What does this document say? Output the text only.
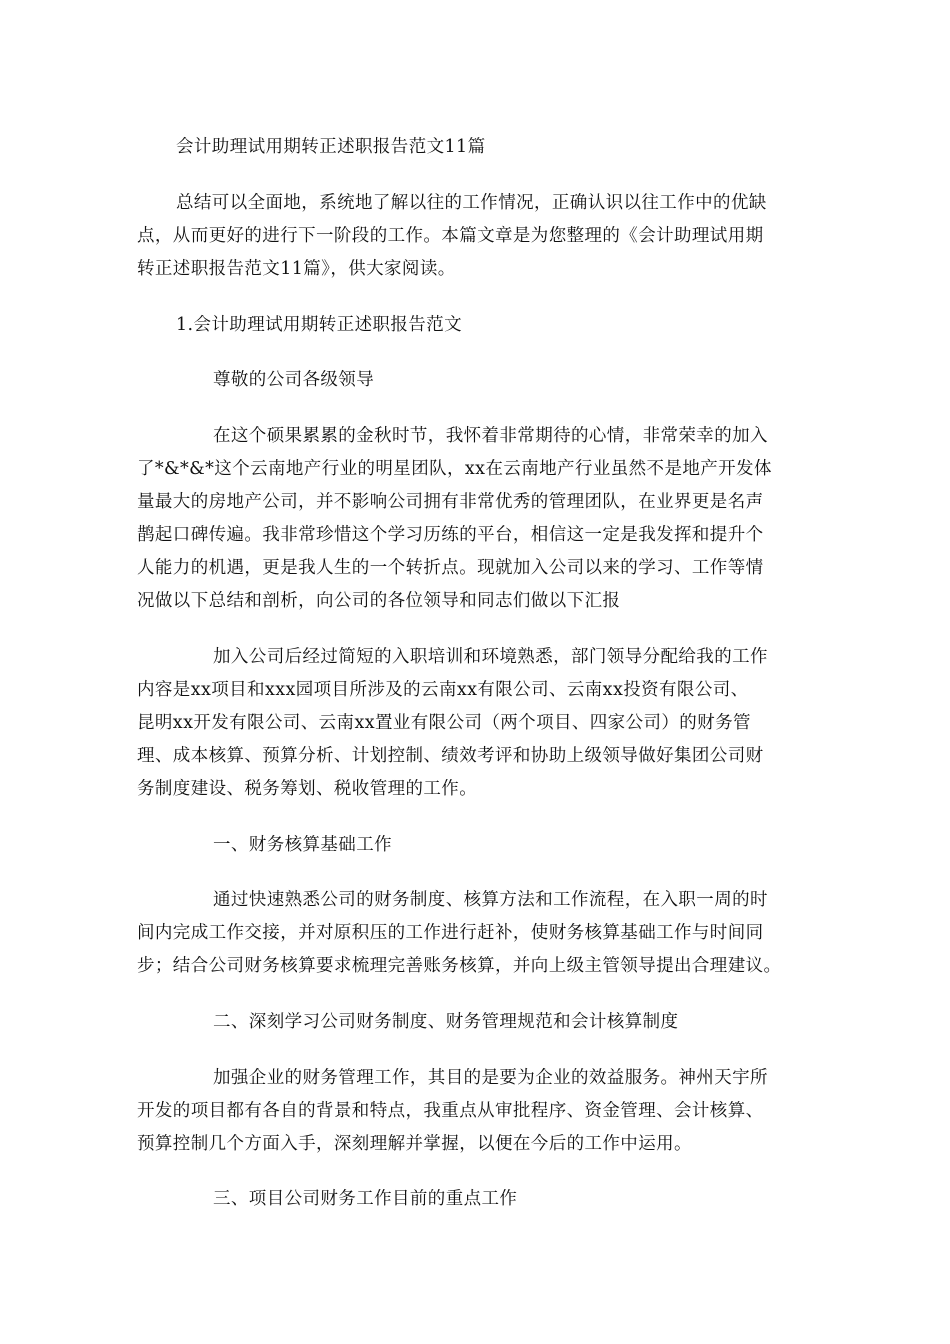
会计助理试用期转正述职报告范文11篇
总结可以全面地，系统地了解以往的工作情况，正确认识以往工作中的优缺
点，从而更好的进行下一阶段的工作。本篇文章是为您整理的《会计助理试用期
转正述职报告范文11篇》，供大家阅读。
1.会计助理试用期转正述职报告范文
尊敬的公司各级领导
在这个硕果累累的金秋时节，我怀着非常期待的心情，非常荣幸的加入
了*&*&*这个云南地产行业的明星团队，xx在云南地产行业虽然不是地产开发体
量最大的房地产公司，并不影响公司拥有非常优秀的管理团队，在业界更是名声
鹊起口碑传遍。我非常珍惜这个学习历练的平台，相信这一定是我发挥和提升个
人能力的机遇，更是我人生的一个转折点。现就加入公司以来的学习、工作等情
况做以下总结和剖析，向公司的各位领导和同志们做以下汇报
加入公司后经过简短的入职培训和环境熟悉，部门领导分配给我的工作
内容是xx项目和xxx园项目所涉及的云南xx有限公司、云南xx投资有限公司、
昆明xx开发有限公司、云南xx置业有限公司（两个项目、四家公司）的财务管
理、成本核算、预算分析、计划控制、绩效考评和协助上级领导做好集团公司财
务制度建设、税务筹划、税收管理的工作。
一、财务核算基础工作
通过快速熟悉公司的财务制度、核算方法和工作流程，在入职一周的时
间内完成工作交接，并对原积压的工作进行赶补，使财务核算基础工作与时间同
步；结合公司财务核算要求梳理完善账务核算，并向上级主管领导提出合理建议。
二、深刻学习公司财务制度、财务管理规范和会计核算制度
加强企业的财务管理工作，其目的是要为企业的效益服务。神州天宇所
开发的项目都有各自的背景和特点，我重点从审批程序、资金管理、会计核算、
预算控制几个方面入手，深刻理解并掌握，以便在今后的工作中运用。
三、项目公司财务工作目前的重点工作
